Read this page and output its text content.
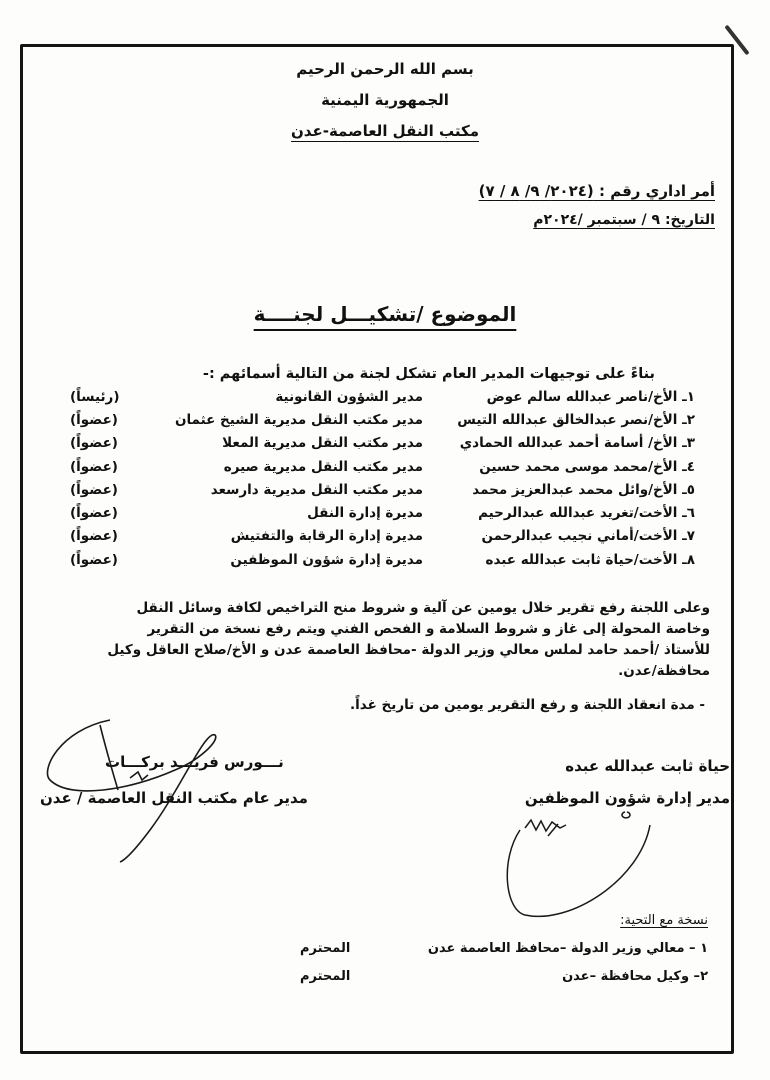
بسم الله الرحمن الرحيم
الجمهورية اليمنية
مكتب النقل العاصمة-عدن
أمر اداري رقم : (٢٠٢٤/ ٩/ ٨ / ٧)
التاريخ: ٩ / سبتمبر /٢٠٢٤م
الموضوع /تشكيـــل لجنــــة
بناءً على توجيهات المدير العام تشكل لجنة من التالية أسمائهم :-
١ـ الأخ/ناصر عبدالله سالم عوض
مدير الشؤون القانونية
(رئيساً)
٢ـ الأخ/نصر عبدالخالق عبدالله التيس
مدير مكتب النقل مديرية الشيخ عثمان
(عضواً)
٣ـ الأخ/ أسامة أحمد عبدالله الحمادي
مدير مكتب النقل مديرية المعلا
(عضواً)
٤ـ الأخ/محمد موسى محمد حسين
مدير مكتب النقل مديرية صيره
(عضواً)
٥ـ الأخ/وائل محمد عبدالعزيز محمد
مدير مكتب النقل مديرية دارسعد
(عضواً)
٦ـ الأخت/تغريد عبدالله عبدالرحيم
مديرة إدارة النقل
(عضواً)
٧ـ الأخت/أماني نجيب عبدالرحمن
مديرة إدارة الرقابة والتفتيش
(عضواً)
٨ـ الأخت/حياة ثابت عبدالله عبده
مديرة إدارة شؤون الموظفين
(عضواً)

وعلى اللجنة رفع تقرير خلال يومين عن آلية و شروط منح التراخيص لكافة وسائل النقل

وخاصة المحولة إلى غاز و شروط السلامة و الفحص الفني ويتم رفع نسخة من التقرير

للأستاذ /أحمد حامد لملس معالي وزير الدولة -محافظ العاصمة عدن و الأخ/صلاح العاقل وكيل

محافظة/عدن.

- مدة انعقاد اللجنة و رفع التقرير يومين من تاريخ غداً.
حياة ثابت عبدالله عبده
مدير إدارة شؤون الموظفين
نـــورس فريـــد بركـــات
مدير عام مكتب النقل العاصمة / عدن
نسخة مع التحية:
١ – معالي وزير الدولة –محافظ العاصمة عدن
المحترم
٢– وكيل محافظة –عدن
المحترم
